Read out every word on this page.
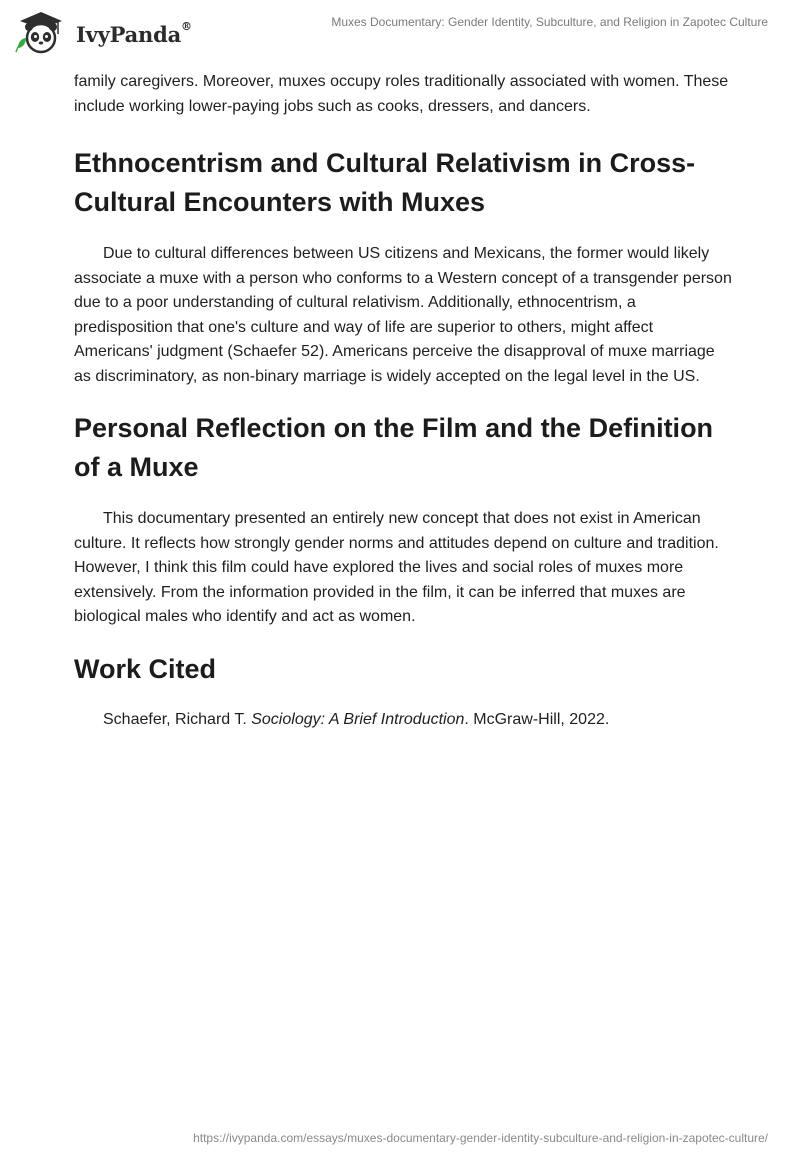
IvyPanda®	Muxes Documentary: Gender Identity, Subculture, and Religion in Zapotec Culture

family caregivers. Moreover, muxes occupy roles traditionally associated with women. These include working lower-paying jobs such as cooks, dressers, and dancers.

Ethnocentrism and Cultural Relativism in Cross-Cultural Encounters with Muxes

Due to cultural differences between US citizens and Mexicans, the former would likely associate a muxe with a person who conforms to a Western concept of a transgender person due to a poor understanding of cultural relativism. Additionally, ethnocentrism, a predisposition that one's culture and way of life are superior to others, might affect Americans' judgment (Schaefer 52). Americans perceive the disapproval of muxe marriage as discriminatory, as non-binary marriage is widely accepted on the legal level in the US.

Personal Reflection on the Film and the Definition of a Muxe

This documentary presented an entirely new concept that does not exist in American culture. It reflects how strongly gender norms and attitudes depend on culture and tradition. However, I think this film could have explored the lives and social roles of muxes more extensively. From the information provided in the film, it can be inferred that muxes are biological males who identify and act as women.

Work Cited

Schaefer, Richard T. Sociology: A Brief Introduction. McGraw-Hill, 2022.

https://ivypanda.com/essays/muxes-documentary-gender-identity-subculture-and-religion-in-zapotec-culture/
